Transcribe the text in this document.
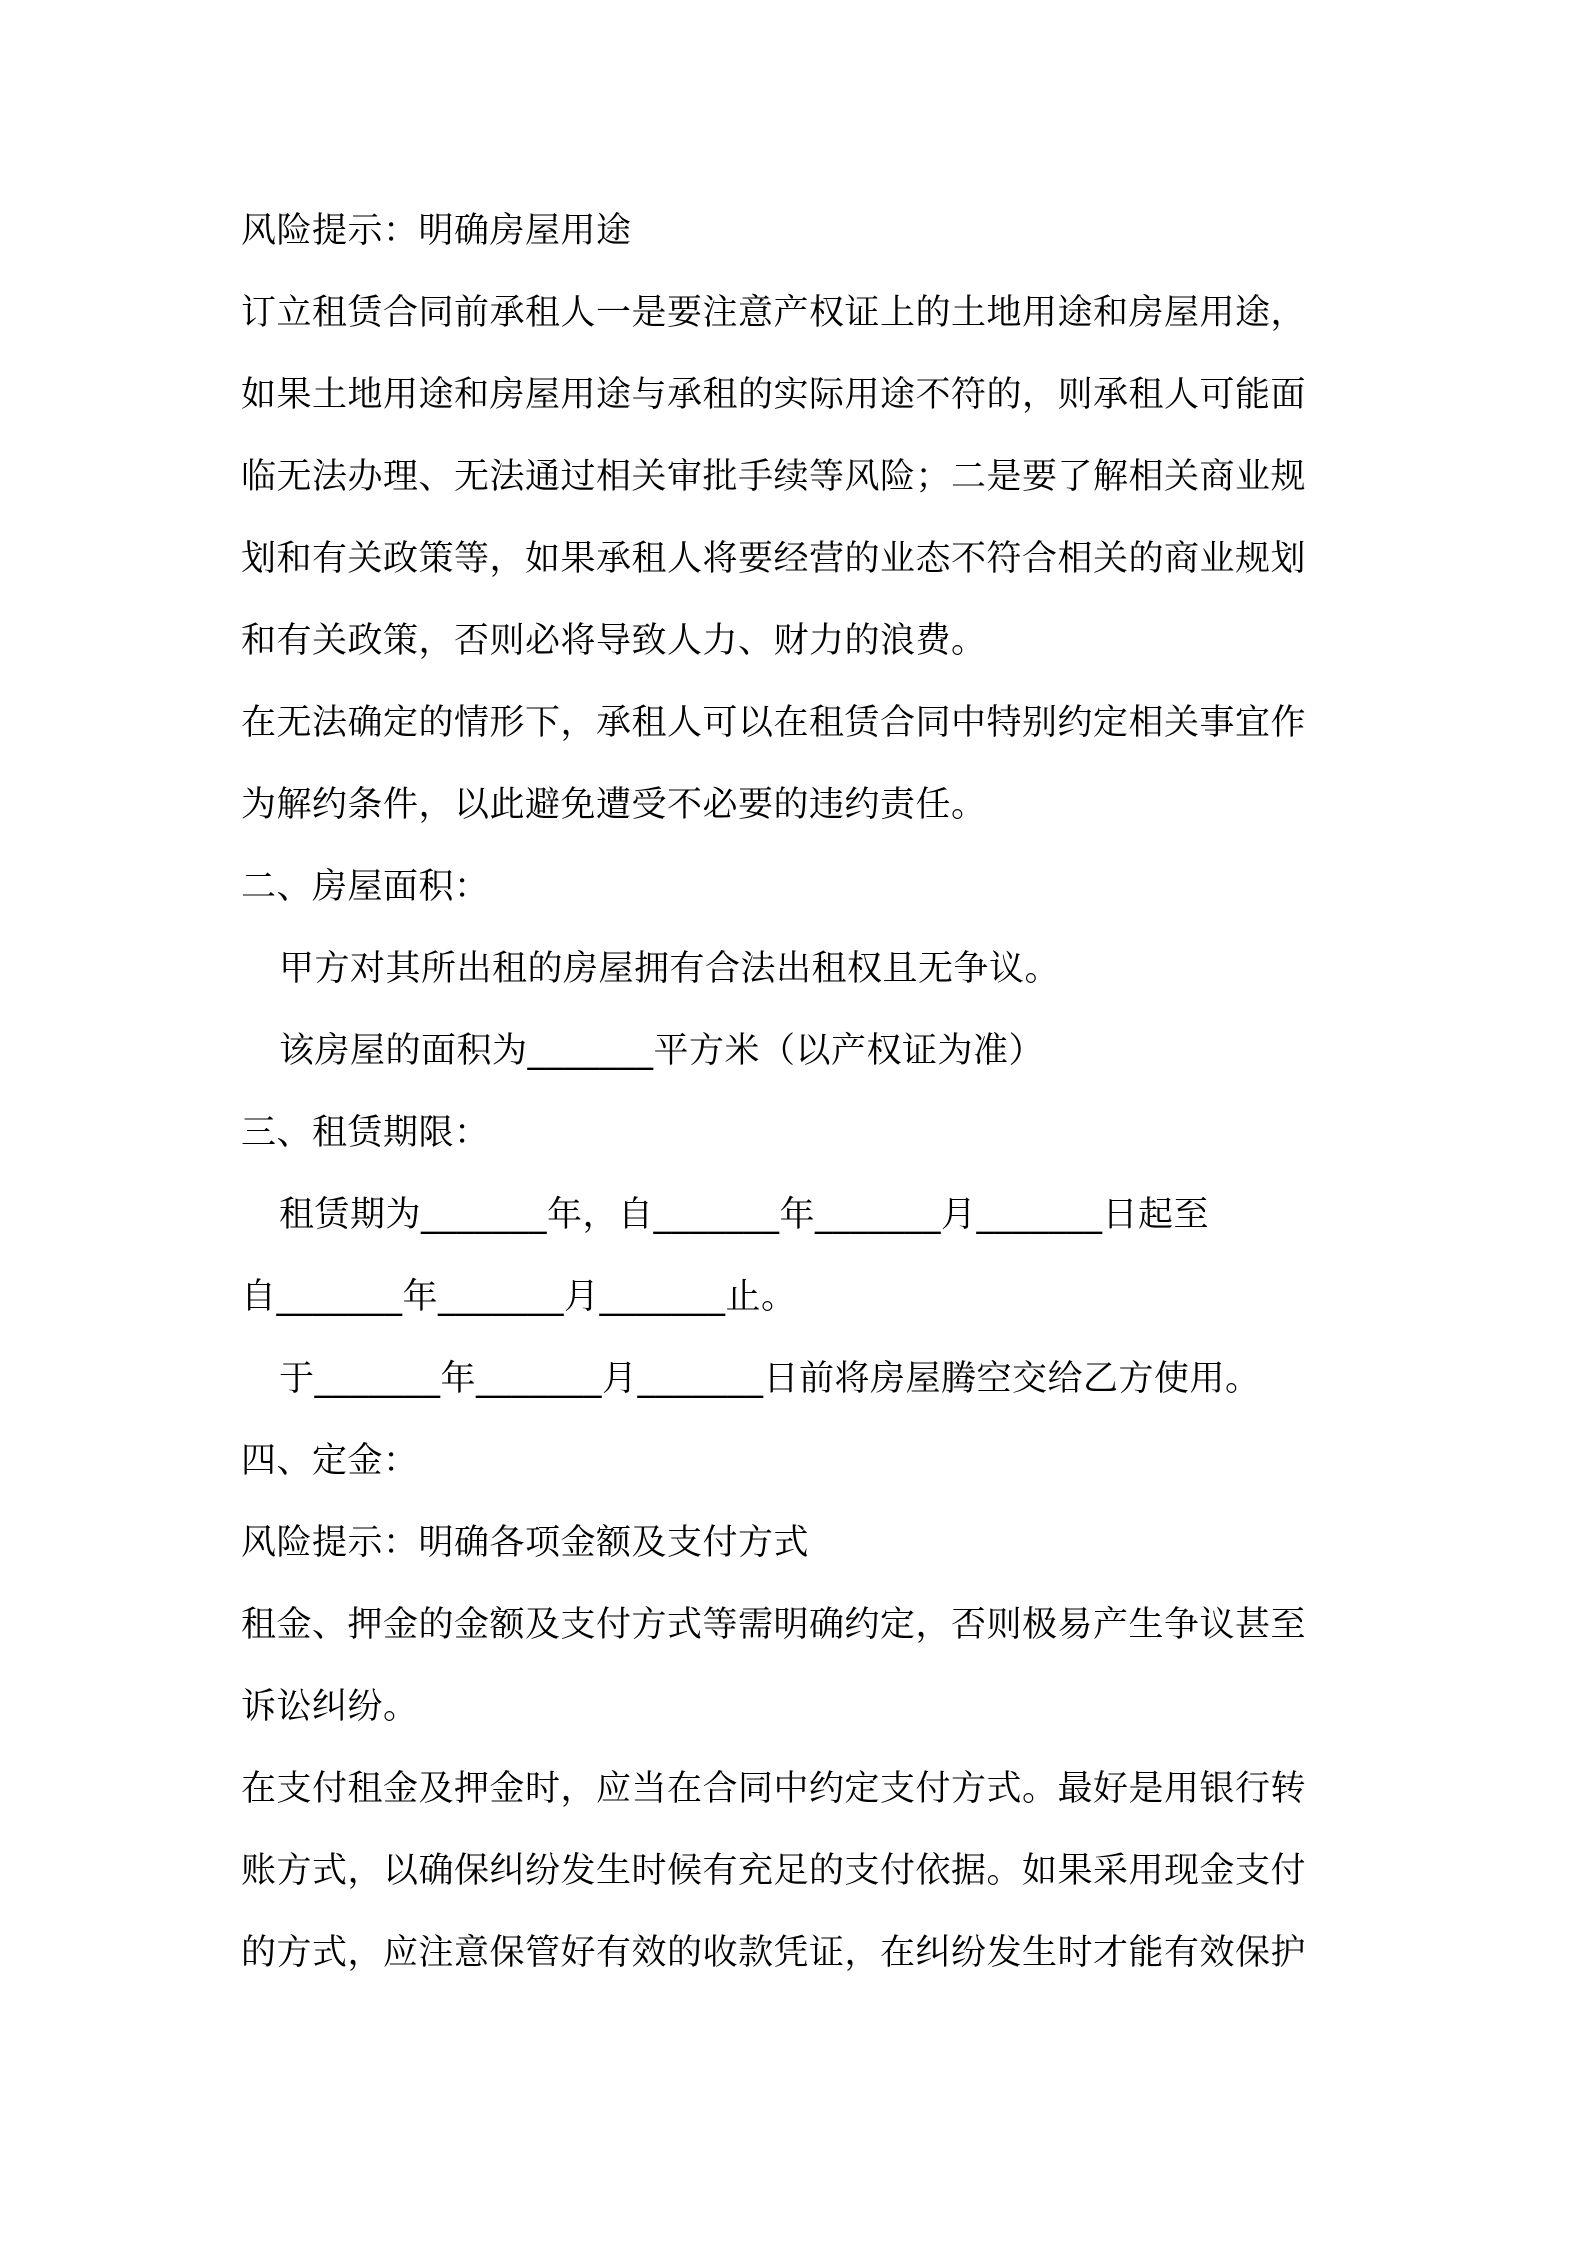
风险提示：明确房屋用途

订立租赁合同前承租人一是要注意产权证上的土地用途和房屋用途，

如果土地用途和房屋用途与承租的实际用途不符的，则承租人可能面

临无法办理、无法通过相关审批手续等风险；二是要了解相关商业规

划和有关政策等，如果承租人将要经营的业态不符合相关的商业规划

和有关政策，否则必将导致人力、财力的浪费。

在无法确定的情形下，承租人可以在租赁合同中特别约定相关事宜作

为解约条件，以此避免遭受不必要的违约责任。

二、房屋面积：

甲方对其所出租的房屋拥有合法出租权且无争议。

该房屋的面积为_______平方米（以产权证为准）

三、租赁期限：

租赁期为_______年，自_______年_______月_______日起至

自_______年_______月_______止。

于_______年_______月_______日前将房屋腾空交给乙方使用。

四、定金：

风险提示：明确各项金额及支付方式

租金、押金的金额及支付方式等需明确约定，否则极易产生争议甚至

诉讼纠纷。

在支付租金及押金时，应当在合同中约定支付方式。最好是用银行转

账方式，以确保纠纷发生时候有充足的支付依据。如果采用现金支付

的方式，应注意保管好有效的收款凭证，在纠纷发生时才能有效保护
